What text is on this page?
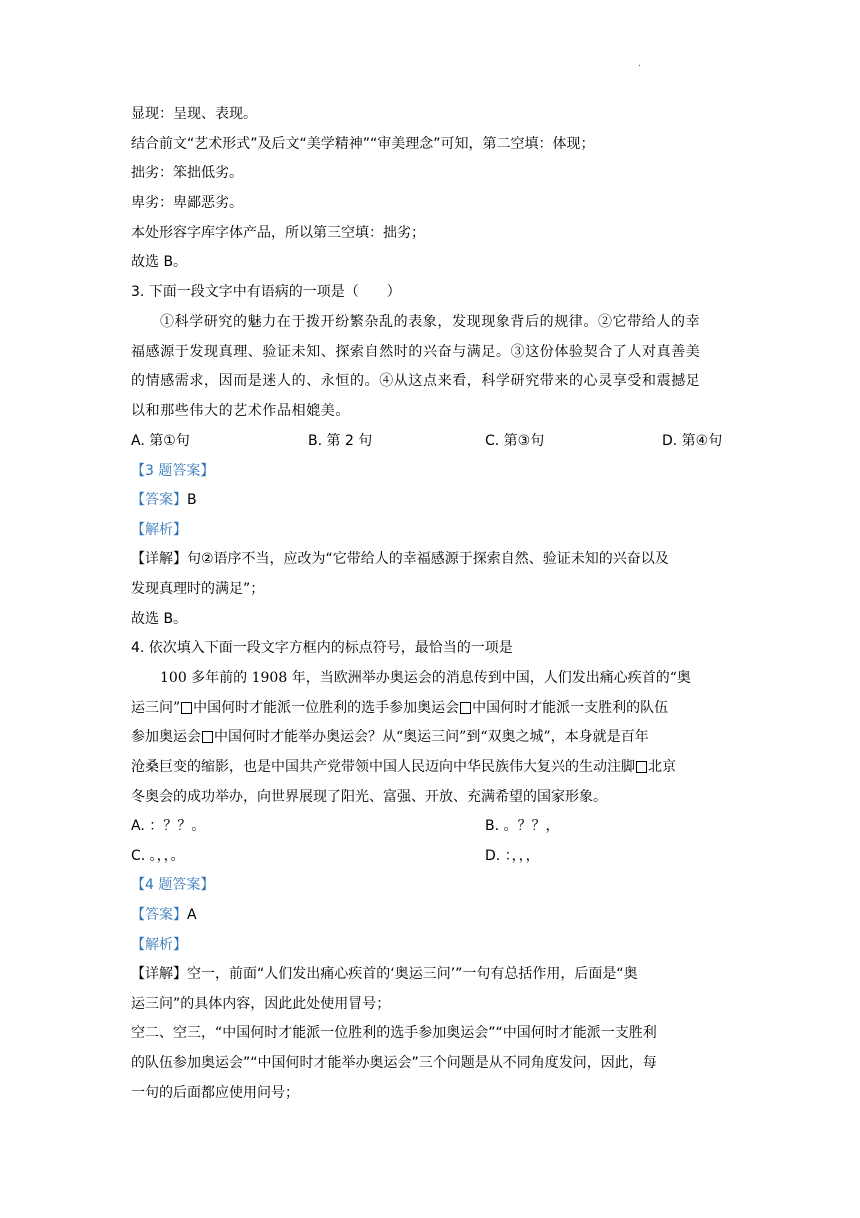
.
显现：呈现、表现。
结合前文“艺术形式”及后文“美学精神”“审美理念”可知，第二空填：体现；
拙劣：笨拙低劣。
卑劣：卑鄙恶劣。
本处形容字库字体产品，所以第三空填：拙劣；
故选 B。
3. 下面一段文字中有语病的一项是（　　）
①科学研究的魅力在于拨开纷繁杂乱的表象，发现现象背后的规律。②它带给人的幸
福感源于发现真理、验证未知、探索自然时的兴奋与满足。③这份体验契合了人对真善美
的情感需求，因而是迷人的、永恒的。④从这点来看，科学研究带来的心灵享受和震撼足
以和那些伟大的艺术作品相媲美。
A. 第①句	B. 第 2 句	C. 第③句	D. 第④句
【3 题答案】
【答案】B
【解析】
【详解】句②语序不当，应改为“它带给人的幸福感源于探索自然、验证未知的兴奋以及
发现真理时的满足”；
故选 B。
4. 依次填入下面一段文字方框内的标点符号，最恰当的一项是
100 多年前的 1908 年，当欧洲举办奥运会的消息传到中国，人们发出痛心疾首的“奥
运三问” 中国何时才能派一位胜利的选手参加奥运会 中国何时才能派一支胜利的队伍
参加奥运会 中国何时才能举办奥运会？从“奥运三问”到“双奥之城”，本身就是百年
沧桑巨变的缩影，也是中国共产党带领中国人民迈向中华民族伟大复兴的生动注脚 北京
冬奥会的成功举办，向世界展现了阳光、富强、开放、充满希望的国家形象。
A. ：？？。	B. 。？？，
C. 。，，。	D. ：，，，
【4 题答案】
【答案】A
【解析】
【详解】空一，前面“人们发出痛心疾首的‘奥运三问’”一句有总括作用，后面是“奥
运三问”的具体内容，因此此处使用冒号；
空二、空三，“中国何时才能派一位胜利的选手参加奥运会”“中国何时才能派一支胜利
的队伍参加奥运会”“中国何时才能举办奥运会”三个问题是从不同角度发问，因此，每
一句的后面都应使用问号；
